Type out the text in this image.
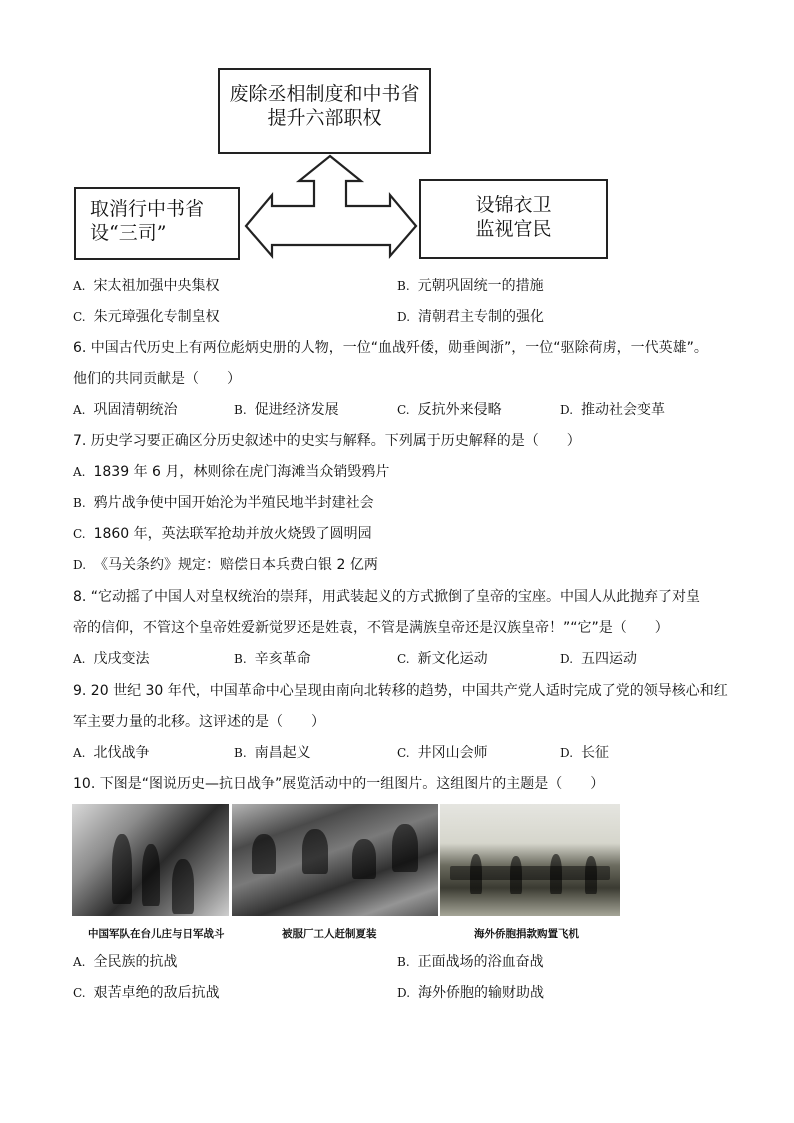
废除丞相制度和中书省
提升六部职权
取消行中书省
设“三司”
设锦衣卫
监视官民
A. 宋太祖加强中央集权	B. 元朝巩固统一的措施
C. 朱元璋强化专制皇权	D. 清朝君主专制的强化
6. 中国古代历史上有两位彪炳史册的人物，一位“血战歼倭，勋垂闽浙”，一位“驱除荷虏，一代英雄”。
他们的共同贡献是（　　）
A. 巩固清朝统治	B. 促进经济发展	C. 反抗外来侵略	D. 推动社会变革
7. 历史学习要正确区分历史叙述中的史实与解释。下列属于历史解释的是（　　）
A. 1839 年 6 月，林则徐在虎门海滩当众销毁鸦片
B. 鸦片战争使中国开始沦为半殖民地半封建社会
C. 1860 年，英法联军抢劫并放火烧毁了圆明园
D. 《马关条约》规定：赔偿日本兵费白银 2 亿两
8. “它动摇了中国人对皇权统治的崇拜，用武装起义的方式掀倒了皇帝的宝座。中国人从此抛弃了对皇
帝的信仰，不管这个皇帝姓爱新觉罗还是姓袁，不管是满族皇帝还是汉族皇帝！”“它”是（　　）
A. 戊戌变法	B. 辛亥革命	C. 新文化运动	D. 五四运动
9. 20 世纪 30 年代，中国革命中心呈现由南向北转移的趋势，中国共产党人适时完成了党的领导核心和红
军主要力量的北移。这评述的是（　　）
A. 北伐战争	B. 南昌起义	C. 井冈山会师	D. 长征
10. 下图是“图说历史—抗日战争”展览活动中的一组图片。这组图片的主题是（　　）
中国军队在台儿庄与日军战斗	被服厂工人赶制夏装	海外侨胞捐款购置飞机
A. 全民族的抗战	B. 正面战场的浴血奋战
C. 艰苦卓绝的敌后抗战	D. 海外侨胞的输财助战
